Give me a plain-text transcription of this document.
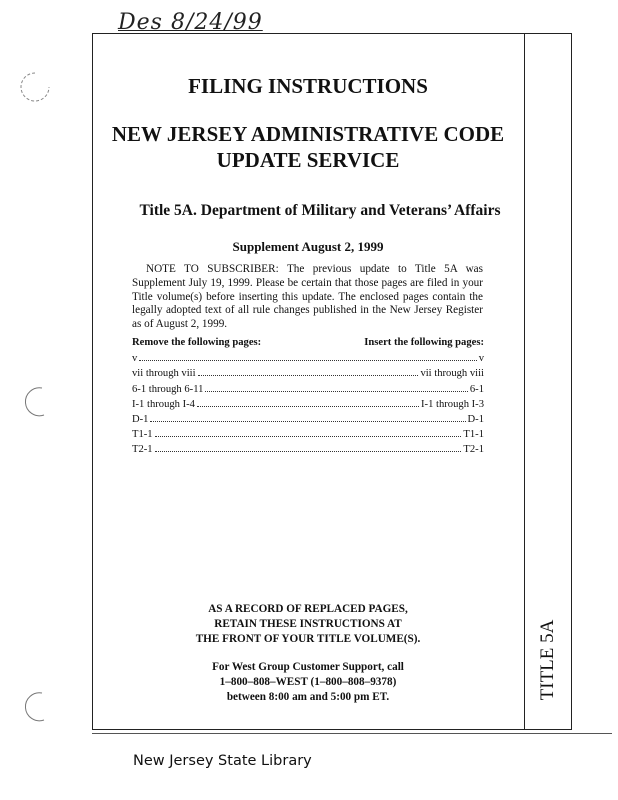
Des 8/24/99
TITLE 5A
FILING INSTRUCTIONS
NEW JERSEY ADMINISTRATIVE CODE
UPDATE SERVICE
Title 5A. Department of Military and Veterans’ Affairs
Supplement August 2, 1999
NOTE TO SUBSCRIBER: The previous update to Title 5A was Supplement July 19, 1999. Please be certain that those pages are filed in your Title volume(s) before inserting this update. The enclosed pages contain the legally adopted text of all rule changes published in the New Jersey Register as of August 2, 1999.
Remove the following pages:	Insert the following pages:
v	v
vii through viii	vii through viii
6-1 through 6-11	6-1
I-1 through I-4	I-1 through I-3
D-1	D-1
T1-1	T1-1
T2-1	T2-1
AS A RECORD OF REPLACED PAGES,
RETAIN THESE INSTRUCTIONS AT
THE FRONT OF YOUR TITLE VOLUME(S).
For West Group Customer Support, call
1–800–808–WEST (1–800–808–9378)
between 8:00 am and 5:00 pm ET.
New Jersey State Library
